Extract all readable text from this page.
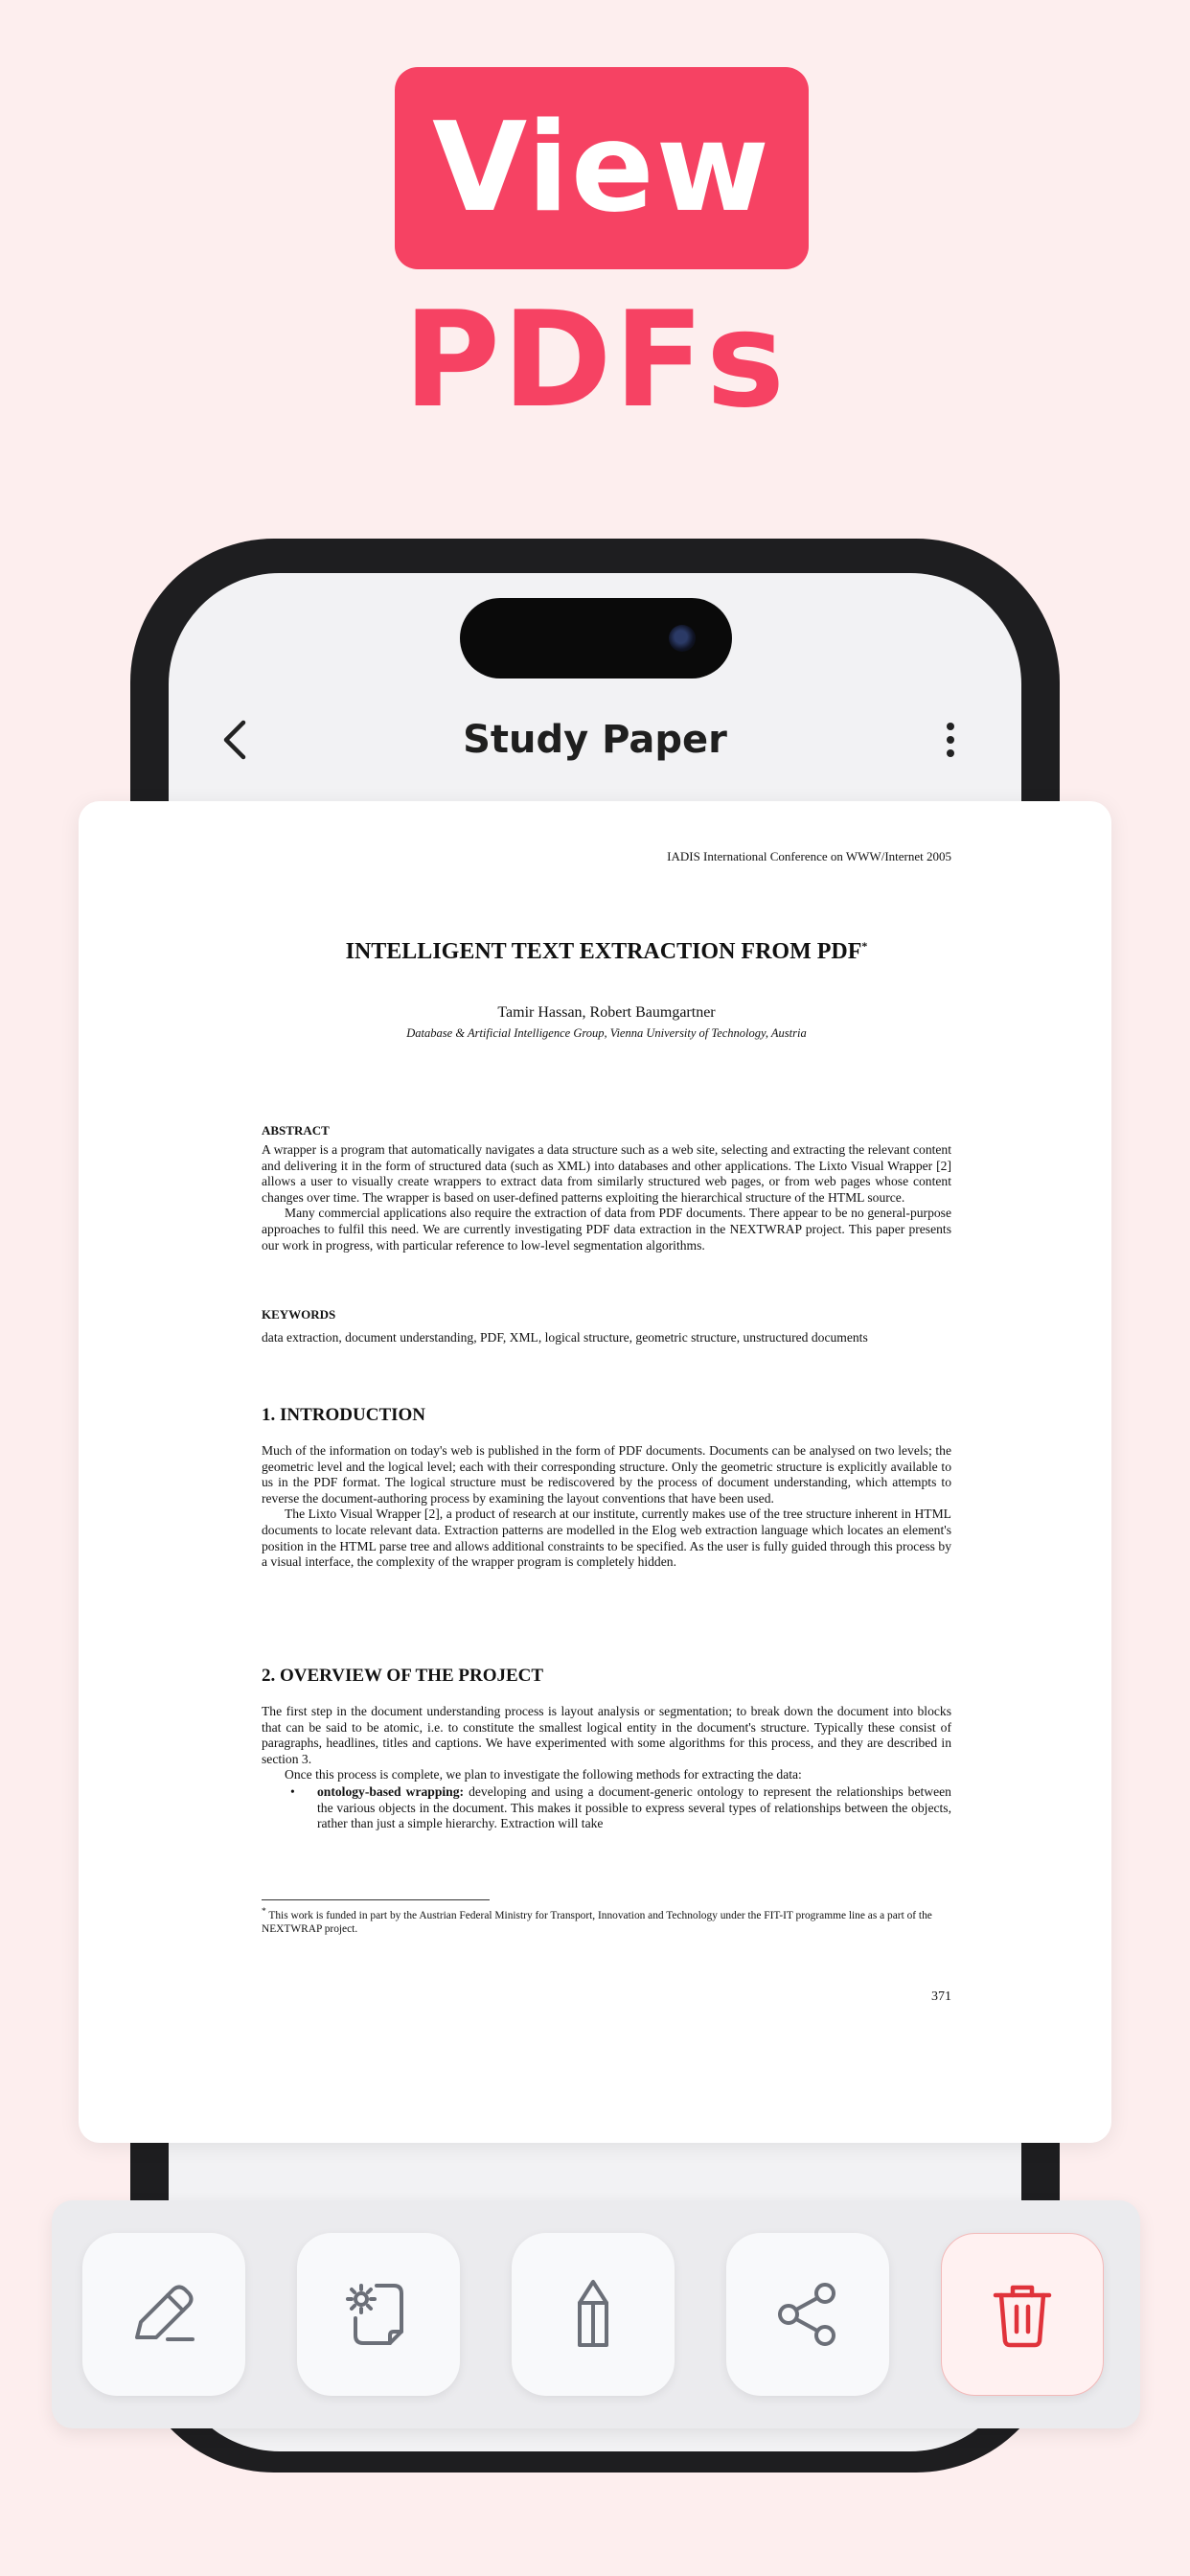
View
PDFs
Study Paper
IADIS International Conference on WWW/Internet 2005
INTELLIGENT TEXT EXTRACTION FROM PDF*
Tamir Hassan, Robert Baumgartner
Database & Artificial Intelligence Group, Vienna University of Technology, Austria
ABSTRACT

A wrapper is a program that automatically navigates a data structure such as a web site, selecting and extracting the relevant content and delivering it in the form of structured data (such as XML) into databases and other applications. The Lixto Visual Wrapper [2] allows a user to visually create wrappers to extract data from similarly structured web pages, or from web pages whose content changes over time. The wrapper is based on user-defined patterns exploiting the hierarchical structure of the HTML source.

Many commercial applications also require the extraction of data from PDF documents. There appear to be no general-purpose approaches to fulfil this need. We are currently investigating PDF data extraction in the NEXTWRAP project. This paper presents our work in progress, with particular reference to low-level segmentation algorithms.

KEYWORDS

data extraction, document understanding, PDF, XML, logical structure, geometric structure, unstructured documents

1. INTRODUCTION

Much of the information on today's web is published in the form of PDF documents. Documents can be analysed on two levels; the geometric level and the logical level; each with their corresponding structure. Only the geometric structure is explicitly available to us in the PDF format. The logical structure must be rediscovered by the process of document understanding, which attempts to reverse the document-authoring process by examining the layout conventions that have been used.

The Lixto Visual Wrapper [2], a product of research at our institute, currently makes use of the tree structure inherent in HTML documents to locate relevant data. Extraction patterns are modelled in the Elog web extraction language which locates an element's position in the HTML parse tree and allows additional constraints to be specified. As the user is fully guided through this process by a visual interface, the complexity of the wrapper program is completely hidden.

2. OVERVIEW OF THE PROJECT

The first step in the document understanding process is layout analysis or segmentation; to break down the document into blocks that can be said to be atomic, i.e. to constitute the smallest logical entity in the document's structure. Typically these consist of paragraphs, headlines, titles and captions. We have experimented with some algorithms for this process, and they are described in section 3.

Once this process is complete, we plan to investigate the following methods for extracting the data:

•	ontology-based wrapping: developing and using a document-generic ontology to represent the relationships between the various objects in the document. This makes it possible to express several types of relationships between the objects, rather than just a simple hierarchy. Extraction will take

* This work is funded in part by the Austrian Federal Ministry for Transport, Innovation and Technology under the FIT-IT programme line as a part of the NEXTWRAP project.
371
